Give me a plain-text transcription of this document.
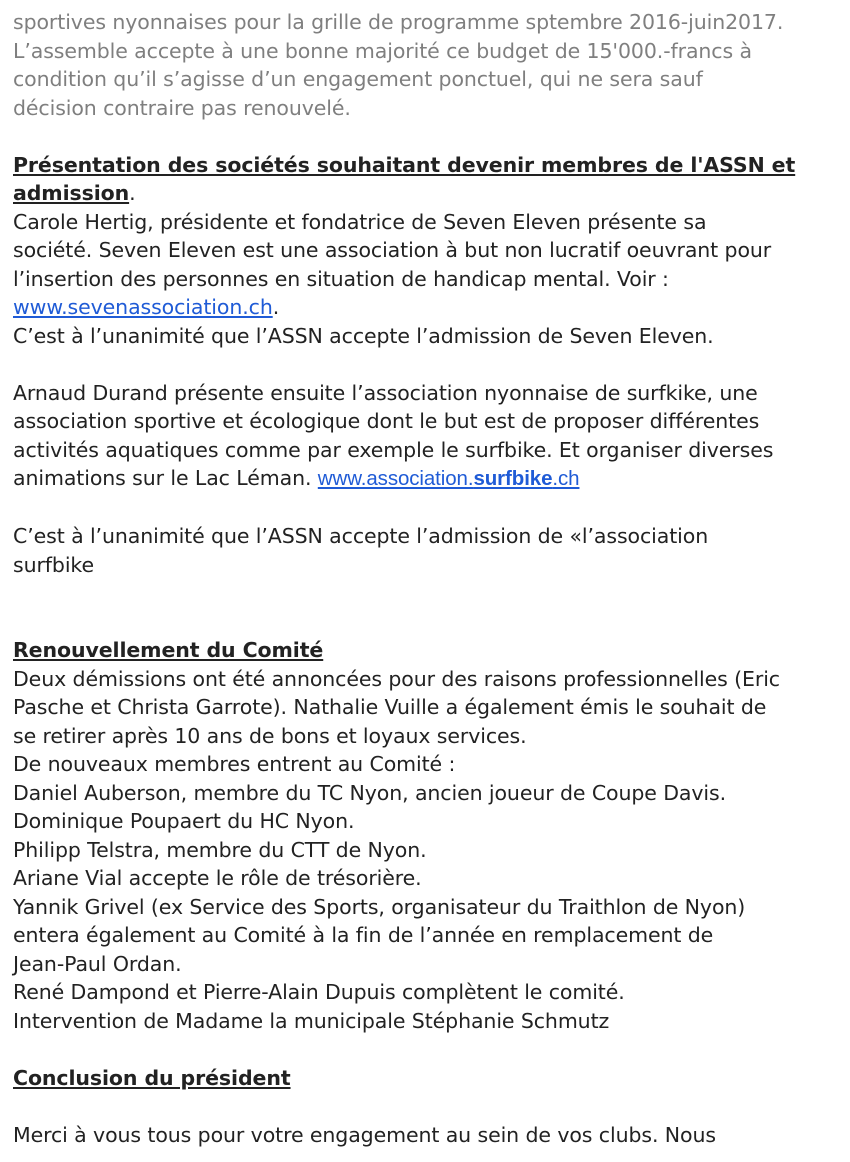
sportives nyonnaises pour la grille de programme sptembre 2016-juin2017.

L’assemble accepte à une bonne majorité ce budget de 15'000.-francs à

condition qu’il s’agisse d’un engagement ponctuel, qui ne sera sauf

décision contraire pas renouvelé.

Présentation des sociétés souhaitant devenir membres de l'ASSN et

admission.

Carole Hertig, présidente et fondatrice de Seven Eleven présente sa

société. Seven Eleven est une association à but non lucratif oeuvrant pour

l’insertion des personnes en situation de handicap mental. Voir :

www.sevenassociation.ch.

C’est à l’unanimité que l’ASSN accepte l’admission de Seven Eleven.

Arnaud Durand présente ensuite l’association nyonnaise de surfkike, une

association sportive et écologique dont le but est de proposer différentes

activités aquatiques comme par exemple le surfbike. Et organiser diverses

animations sur le Lac Léman. www.association.surfbike.ch

C’est à l’unanimité que l’ASSN accepte l’admission de «l’association

surfbike

Renouvellement du Comité

Deux démissions ont été annoncées pour des raisons professionnelles (Eric

Pasche et Christa Garrote). Nathalie Vuille a également émis le souhait de

se retirer après 10 ans de bons et loyaux services.

De nouveaux membres entrent au Comité :

Daniel Auberson, membre du TC Nyon, ancien joueur de Coupe Davis.

Dominique Poupaert du HC Nyon.

Philipp Telstra, membre du CTT de Nyon.

Ariane Vial accepte le rôle de trésorière.

Yannik Grivel (ex Service des Sports, organisateur du Traithlon de Nyon)

entera également au Comité à la fin de l’année en remplacement de

Jean-Paul Ordan.

René Dampond et Pierre-Alain Dupuis complètent le comité.

Intervention de Madame la municipale Stéphanie Schmutz

Conclusion du président

Merci à vous tous pour votre engagement au sein de vos clubs. Nous
